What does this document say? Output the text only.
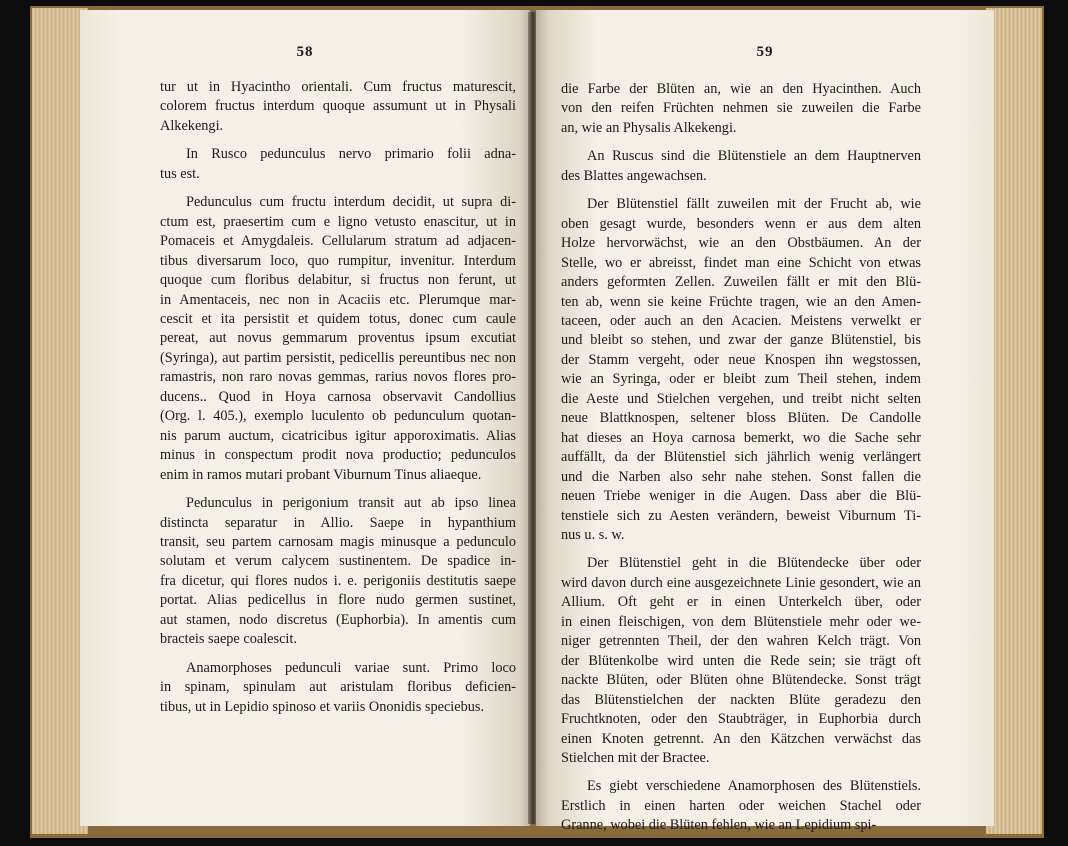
58

tur ut in Hyacintho orientali. Cum fructus maturescit,
colorem fructus interdum quoque assumunt ut in Physali
Alkekengi.

In Rusco pedunculus nervo primario folii adna-
tus est.

Pedunculus cum fructu interdum decidit, ut supra di-
ctum est, praesertim cum e ligno vetusto enascitur, ut in
Pomaceis et Amygdaleis. Cellularum stratum ad adjacen-
tibus diversarum loco, quo rumpitur, invenitur. Interdum
quoque cum floribus delabitur, si fructus non ferunt, ut
in Amentaceis, nec non in Acaciis etc. Plerumque mar-
cescit et ita persistit et quidem totus, donec cum caule
pereat, aut novus gemmarum proventus ipsum excutiat
(Syringa), aut partim persistit, pedicellis pereuntibus nec non
ramastris, non raro novas gemmas, rarius novos flores pro-
ducens.. Quod in Hoya carnosa observavit Candollius
(Org. l. 405.), exemplo luculento ob pedunculum quotan-
nis parum auctum, cicatricibus igitur apporoximatis. Alias
minus in conspectum prodit nova productio; pedunculos
enim in ramos mutari probant Viburnum Tinus aliaeque.

Pedunculus in perigonium transit aut ab ipso linea
distincta separatur in Allio. Saepe in hypanthium
transit, seu partem carnosam magis minusque a pedunculo
solutam et verum calycem sustinentem. De spadice in-
fra dicetur, qui flores nudos i. e. perigoniis destitutis saepe
portat. Alias pedicellus in flore nudo germen sustinet,
aut stamen, nodo discretus (Euphorbia). In amentis cum
bracteis saepe coalescit.

Anamorphoses pedunculi variae sunt. Primo loco
in spinam, spinulam aut aristulam floribus deficien-
tibus, ut in Lepidio spinoso et variis Ononidis speciebus.

59

die Farbe der Blüten an, wie an den Hyacinthen. Auch
von den reifen Früchten nehmen sie zuweilen die Farbe
an, wie an Physalis Alkekengi.

An Ruscus sind die Blütenstiele an dem Hauptnerven
des Blattes angewachsen.

Der Blütenstiel fällt zuweilen mit der Frucht ab, wie
oben gesagt wurde, besonders wenn er aus dem alten
Holze hervorwächst, wie an den Obstbäumen. An der
Stelle, wo er abreisst, findet man eine Schicht von etwas
anders geformten Zellen. Zuweilen fällt er mit den Blü-
ten ab, wenn sie keine Früchte tragen, wie an den Amen-
taceen, oder auch an den Acacien. Meistens verwelkt er
und bleibt so stehen, und zwar der ganze Blütenstiel, bis
der Stamm vergeht, oder neue Knospen ihn wegstossen,
wie an Syringa, oder er bleibt zum Theil stehen, indem
die Aeste und Stielchen vergehen, und treibt nicht selten
neue Blattknospen, seltener bloss Blüten. De Candolle
hat dieses an Hoya carnosa bemerkt, wo die Sache sehr
auffällt, da der Blütenstiel sich jährlich wenig verlängert
und die Narben also sehr nahe stehen. Sonst fallen die
neuen Triebe weniger in die Augen. Dass aber die Blü-
tenstiele sich zu Aesten verändern, beweist Viburnum Ti-
nus u. s. w.

Der Blütenstiel geht in die Blütendecke über oder
wird davon durch eine ausgezeichnete Linie gesondert, wie an
Allium. Oft geht er in einen Unterkelch über, oder
in einen fleischigen, von dem Blütenstiele mehr oder we-
niger getrennten Theil, der den wahren Kelch trägt. Von
der Blütenkolbe wird unten die Rede sein; sie trägt oft
nackte Blüten, oder Blüten ohne Blütendecke. Sonst trägt
das Blütenstielchen der nackten Blüte geradezu den
Fruchtknoten, oder den Staubträger, in Euphorbia durch
einen Knoten getrennt. An den Kätzchen verwächst das
Stielchen mit der Bractee.

Es giebt verschiedene Anamorphosen des Blütenstiels.
Erstlich in einen harten oder weichen Stachel oder
Granne, wobei die Blüten fehlen, wie an Lepidium spi-
